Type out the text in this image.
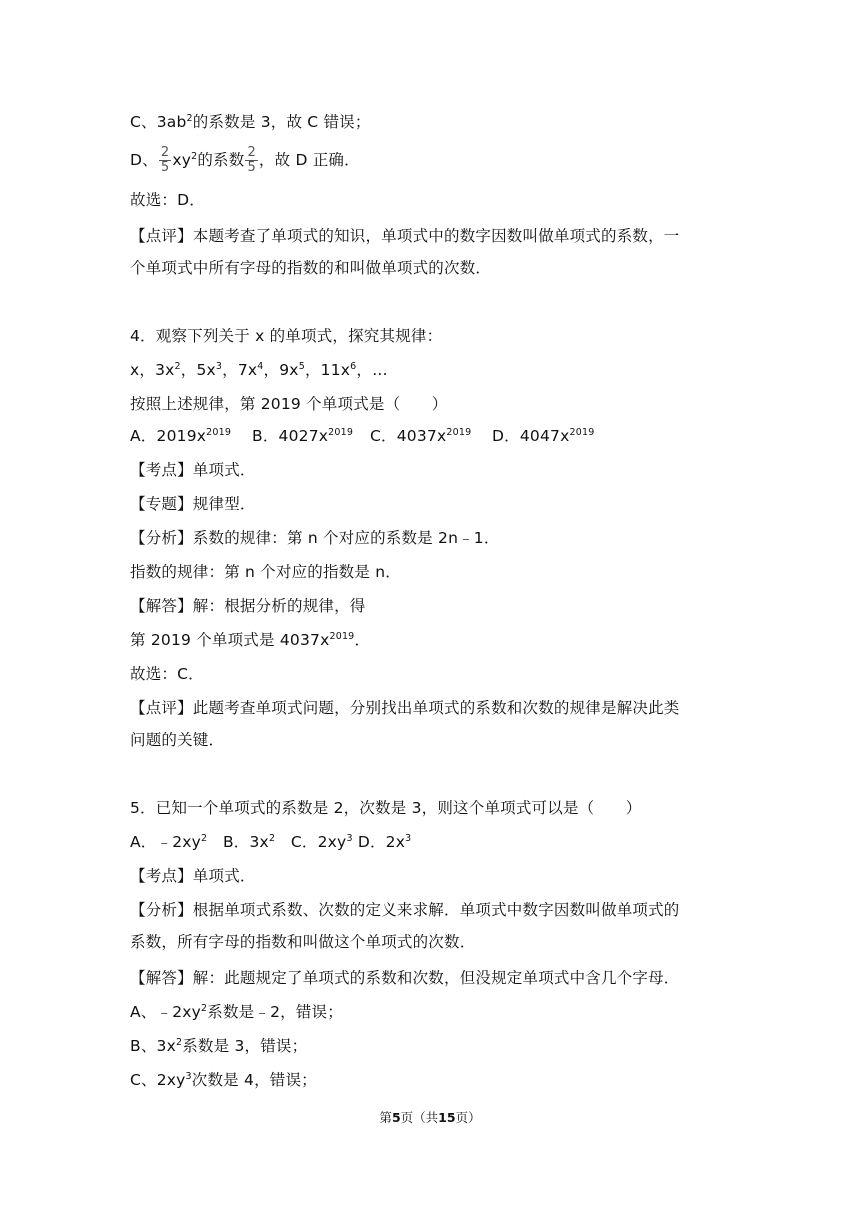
C、$3ab^2$的系数是 3，故 C 错误；
D、 $\frac{2}{5} xy^2$的系数 $\frac{2}{5}$ ，故 D 正确．
故选：D．
【点评】本题考查了单项式的知识，单项式中的数字因数叫做单项式的系数，一
个单项式中所有字母的指数的和叫做单项式的次数．
4．观察下列关于 x 的单项式，探究其规律：
x，$3x^2$，$5x^3$，$7x^4$，$9x^5$，$11x^6$，…
按照上述规律，第 2019 个单项式是（　　）
A．$2019x^{2019}$ B．$4027x^{2019}$ C．$4037x^{2019}$ D．$4047x^{2019}$
【考点】单项式．
【专题】规律型．
【分析】系数的规律：第 n 个对应的系数是 2n﹣1．
指数的规律：第 n 个对应的指数是 n．
【解答】解：根据分析的规律，得
第 2019 个单项式是 $4037x^{2019}$．
故选：C．
【点评】此题考查单项式问题，分别找出单项式的系数和次数的规律是解决此类
问题的关键．
5．已知一个单项式的系数是 2，次数是 3，则这个单项式可以是（　　）
A．$﹣2xy^2$　B．$3x^2$　C．$2xy^3$ D．$2x^3$
【考点】单项式．
【分析】根据单项式系数、次数的定义来求解．单项式中数字因数叫做单项式的
系数，所有字母的指数和叫做这个单项式的次数．
【解答】解：此题规定了单项式的系数和次数，但没规定单项式中含几个字母．
A、$﹣2xy^2$系数是﹣2，错误；
B、$3x^2$系数是 3，错误；
C、$2xy^3$次数是 4，错误；
第5页（共15页）
